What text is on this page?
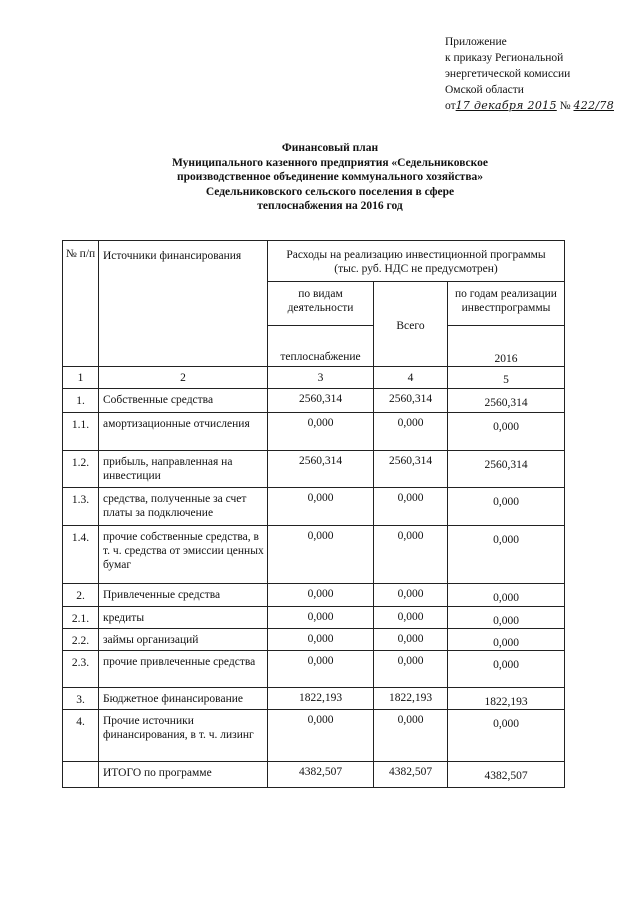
Приложение
к приказу Региональной
энергетической комиссии
Омской области
от17 декабря 2015 № 422/78
Финансовый план
Муниципального казенного предприятия «Седельниковское
производственное объединение коммунального хозяйства»
Седельниковского сельского поселения в сфере
теплоснабжения на 2016 год
№ п/п	Источники финансирования	Расходы на реализацию инвестиционной программы (тыс. руб. НДС не предусмотрен)		
		по видам деятельности	Всего	по годам реализации инвестпрограммы
		теплоснабжение		2016
1	2	3	4	5
1.	Собственные средства	2560,314	2560,314	2560,314
1.1.	амортизационные отчисления	0,000	0,000	0,000
1.2.	прибыль, направленная на инвестиции	2560,314	2560,314	2560,314
1.3.	средства, полученные за счет платы за подключение	0,000	0,000	0,000
1.4.	прочие собственные средства, в т. ч. средства от эмиссии ценных бумаг	0,000	0,000	0,000
2.	Привлеченные средства	0,000	0,000	0,000
2.1.	кредиты	0,000	0,000	0,000
2.2.	займы организаций	0,000	0,000	0,000
2.3.	прочие привлеченные средства	0,000	0,000	0,000
3.	Бюджетное финансирование	1822,193	1822,193	1822,193
4.	Прочие источники финансирования, в т. ч. лизинг	0,000	0,000	0,000
	ИТОГО по программе	4382,507	4382,507	4382,507
